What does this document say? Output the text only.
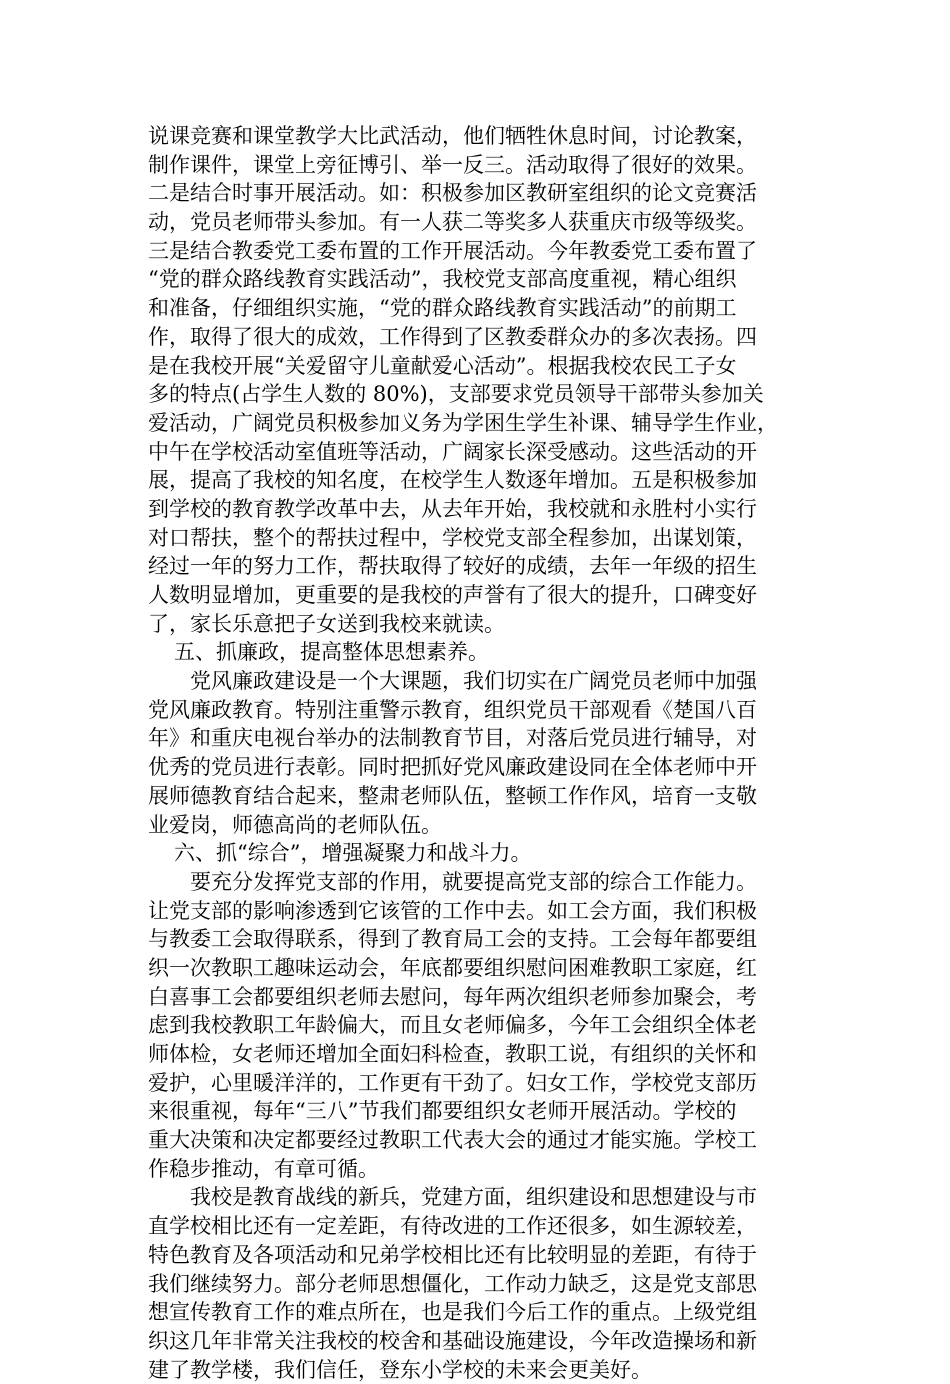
说课竞赛和课堂教学大比武活动，他们牺牲休息时间，讨论教案，
制作课件，课堂上旁征博引、举一反三。活动取得了很好的效果。
二是结合时事开展活动。如：积极参加区教研室组织的论文竞赛活
动，党员老师带头参加。有一人获二等奖多人获重庆市级等级奖。
三是结合教委党工委布置的工作开展活动。今年教委党工委布置了
“党的群众路线教育实践活动”，我校党支部高度重视，精心组织
和准备，仔细组织实施，“党的群众路线教育实践活动”的前期工
作，取得了很大的成效，工作得到了区教委群众办的多次表扬。四
是在我校开展“关爱留守儿童献爱心活动”。根据我校农民工子女
多的特点(占学生人数的 80%)，支部要求党员领导干部带头参加关
爱活动，广阔党员积极参加义务为学困生学生补课、辅导学生作业，
中午在学校活动室值班等活动，广阔家长深受感动。这些活动的开
展，提高了我校的知名度，在校学生人数逐年增加。五是积极参加
到学校的教育教学改革中去，从去年开始，我校就和永胜村小实行
对口帮扶，整个的帮扶过程中，学校党支部全程参加，出谋划策，
经过一年的努力工作，帮扶取得了较好的成绩，去年一年级的招生
人数明显增加，更重要的是我校的声誉有了很大的提升，口碑变好
了，家长乐意把子女送到我校来就读。
五、抓廉政，提高整体思想素养。
党风廉政建设是一个大课题，我们切实在广阔党员老师中加强
党风廉政教育。特别注重警示教育，组织党员干部观看《楚国八百
年》和重庆电视台举办的法制教育节目，对落后党员进行辅导，对
优秀的党员进行表彰。同时把抓好党风廉政建设同在全体老师中开
展师德教育结合起来，整肃老师队伍，整顿工作作风，培育一支敬
业爱岗，师德高尚的老师队伍。
六、抓“综合”，增强凝聚力和战斗力。
要充分发挥党支部的作用，就要提高党支部的综合工作能力。
让党支部的影响渗透到它该管的工作中去。如工会方面，我们积极
与教委工会取得联系，得到了教育局工会的支持。工会每年都要组
织一次教职工趣味运动会，年底都要组织慰问困难教职工家庭，红
白喜事工会都要组织老师去慰问，每年两次组织老师参加聚会，考
虑到我校教职工年龄偏大，而且女老师偏多，今年工会组织全体老
师体检，女老师还增加全面妇科检查，教职工说，有组织的关怀和
爱护，心里暖洋洋的，工作更有干劲了。妇女工作，学校党支部历
来很重视，每年“三八”节我们都要组织女老师开展活动。学校的
重大决策和决定都要经过教职工代表大会的通过才能实施。学校工
作稳步推动，有章可循。
我校是教育战线的新兵，党建方面，组织建设和思想建设与市
直学校相比还有一定差距，有待改进的工作还很多，如生源较差，
特色教育及各项活动和兄弟学校相比还有比较明显的差距，有待于
我们继续努力。部分老师思想僵化，工作动力缺乏，这是党支部思
想宣传教育工作的难点所在，也是我们今后工作的重点。上级党组
织这几年非常关注我校的校舍和基础设施建设，今年改造操场和新
建了教学楼，我们信任，登东小学校的未来会更美好。
